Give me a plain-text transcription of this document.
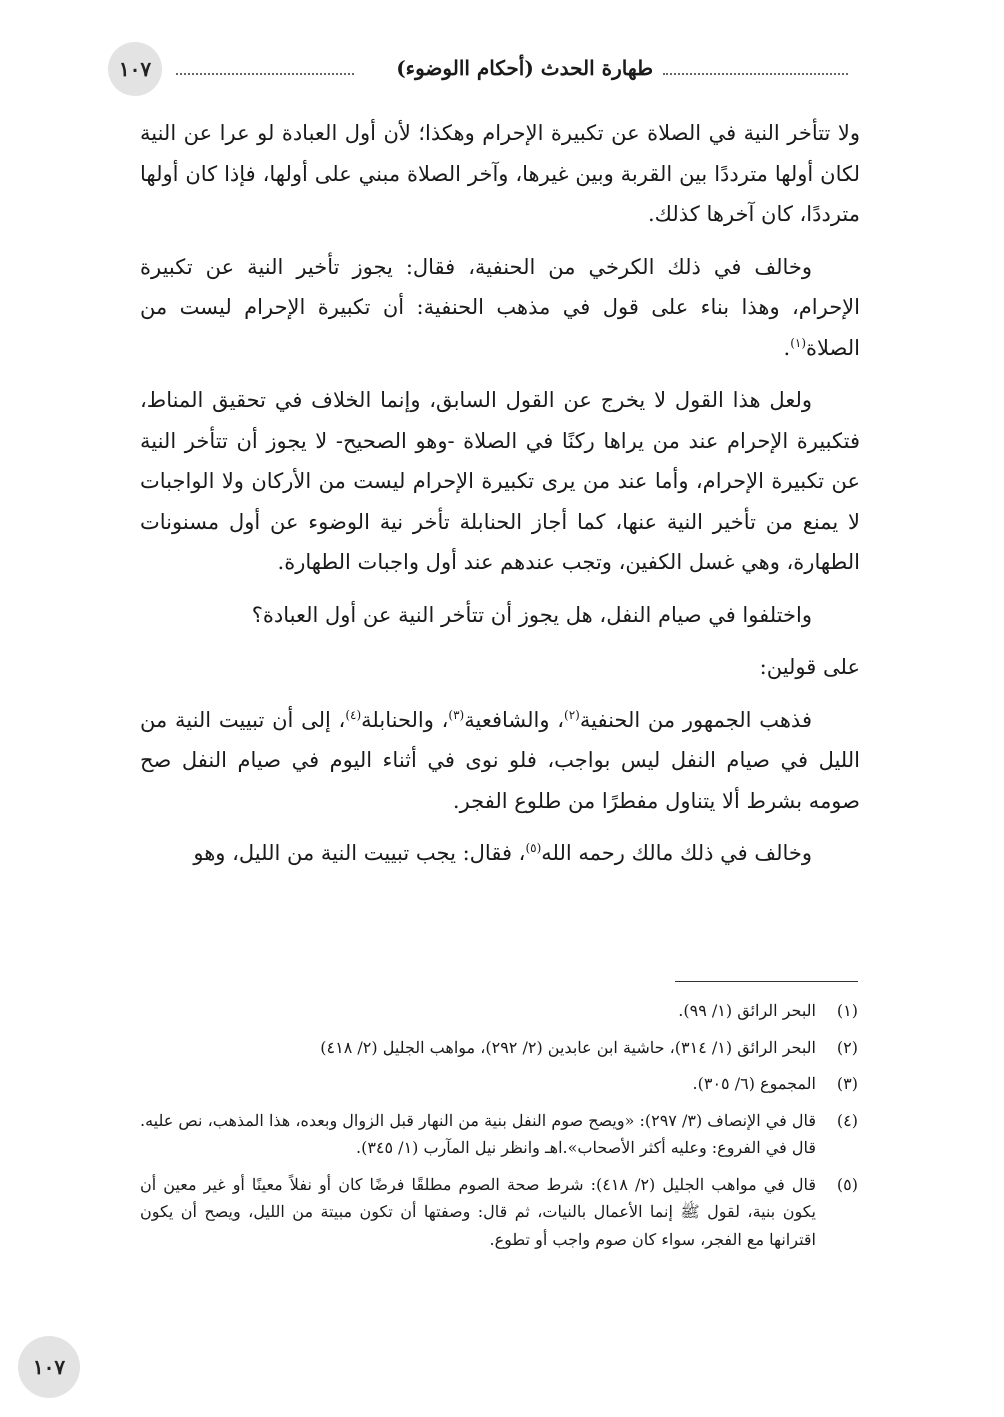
١٠٧	طهارة الحدث (أحكام االوضوء)

ولا تتأخر النية في الصلاة عن تكبيرة الإحرام وهكذا؛ لأن أول العبادة لو عرا عن النية لكان أولها مترددًا بين القربة وبين غيرها، وآخر الصلاة مبني على أولها، فإذا كان أولها مترددًا، كان آخرها كذلك.

وخالف في ذلك الكرخي من الحنفية، فقال: يجوز تأخير النية عن تكبيرة الإحرام، وهذا بناء على قول في مذهب الحنفية: أن تكبيرة الإحرام ليست من الصلاة$^{(١)}$.

ولعل هذا القول لا يخرج عن القول السابق، وإنما الخلاف في تحقيق المناط، فتكبيرة الإحرام عند من يراها ركنًا في الصلاة -وهو الصحيح- لا يجوز أن تتأخر النية عن تكبيرة الإحرام، وأما عند من يرى تكبيرة الإحرام ليست من الأركان ولا الواجبات لا يمنع من تأخير النية عنها، كما أجاز الحنابلة تأخر نية الوضوء عن أول مسنونات الطهارة، وهي غسل الكفين، وتجب عندهم عند أول واجبات الطهارة.

واختلفوا في صيام النفل، هل يجوز أن تتأخر النية عن أول العبادة؟

على قولين:

فذهب الجمهور من الحنفية$^{(٢)}$، والشافعية$^{(٣)}$، والحنابلة$^{(٤)}$، إلى أن تبييت النية من الليل في صيام النفل ليس بواجب، فلو نوى في أثناء اليوم في صيام النفل صح صومه بشرط ألا يتناول مفطرًا من طلوع الفجر.

وخالف في ذلك مالك رحمه الله$^{(٥)}$، فقال: يجب تبييت النية من الليل، وهو

(١)
البحر الرائق (١/ ٩٩).
(٢)
البحر الرائق (١/ ٣١٤)، حاشية ابن عابدين (٢/ ٢٩٢)، مواهب الجليل (٢/ ٤١٨)
(٣)
المجموع (٦/ ٣٠٥).
(٤)
قال في الإنصاف (٣/ ٢٩٧): «ويصح صوم النفل بنية من النهار قبل الزوال وبعده، هذا المذهب، نص عليه. قال في الفروع: وعليه أكثر الأصحاب».اهـ وانظر نيل المآرب (١/ ٣٤٥).
(٥)
قال في مواهب الجليل (٢/ ٤١٨): شرط صحة الصوم مطلقًا فرضًا كان أو نفلاً معينًا أو غير معين أن يكون بنية، لقول ﷺ إنما الأعمال بالنيات، ثم قال: وصفتها أن تكون مبيتة من الليل، ويصح أن يكون اقترانها مع الفجر، سواء كان صوم واجب أو تطوع.
١٠٧
